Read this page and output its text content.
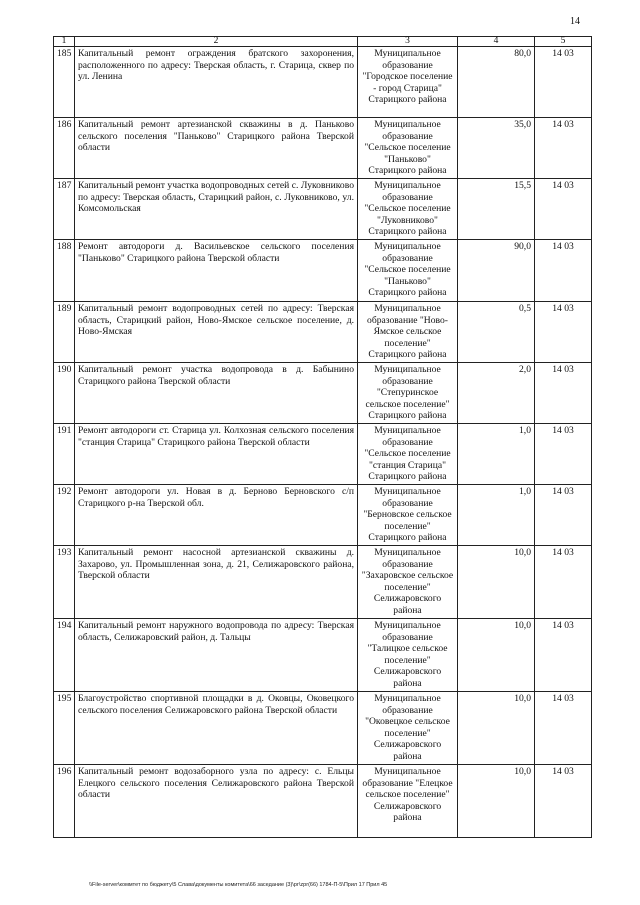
14
1	2	3	4	5
185	Капитальный ремонт ограждения братского захоронения, расположенного по адресу: Тверская область, г. Старица, сквер по ул. Ленина	Муниципальное образование "Городское поселение - город Старица" Старицкого района	80,0	14 03
186	Капитальный ремонт артезианской скважины в д. Паньково сельского поселения "Паньково" Старицкого района Тверской области	Муниципальное образование "Сельское поселение "Паньково" Старицкого района	35,0	14 03
187	Капитальный ремонт участка водопроводных сетей с. Луковниково по адресу: Тверская область, Старицкий район, с. Луковниково, ул. Комсомольская	Муниципальное образование "Сельское поселение "Луковниково" Старицкого района	15,5	14 03
188	Ремонт автодороги д. Васильевское сельского поселения "Паньково" Старицкого района Тверской области	Муниципальное образование "Сельское поселение "Паньково" Старицкого района	90,0	14 03
189	Капитальный ремонт водопроводных сетей по адресу: Тверская область, Старицкий район, Ново-Ямское сельское поселение, д. Ново-Ямская	Муниципальное образование "Ново-Ямское сельское поселение" Старицкого района	0,5	14 03
190	Капитальный ремонт участка водопровода в д. Бабынино Старицкого района Тверской области	Муниципальное образование "Степуринское сельское поселение" Старицкого района	2,0	14 03
191	Ремонт автодороги ст. Старица ул. Колхозная сельского поселения "станция Старица" Старицкого района Тверской области	Муниципальное образование "Сельское поселение "станция Старица" Старицкого района	1,0	14 03
192	Ремонт автодороги ул. Новая в д. Берново Берновского с/п Старицкого р-на Тверской обл.	Муниципальное образование "Берновское сельское поселение" Старицкого района	1,0	14 03
193	Капитальный ремонт насосной артезианской скважины д. Захарово, ул. Промышленная зона, д. 21, Селижаровского района, Тверской области	Муниципальное образование "Захаровское сельское поселение" Селижаровского района	10,0	14 03
194	Капитальный ремонт наружного водопровода по адресу: Тверская область, Селижаровский район, д. Тальцы	Муниципальное образование "Талицкое сельское поселение" Селижаровского района	10,0	14 03
195	Благоустройство спортивной площадки в д. Оковцы, Оковецкого сельского поселения Селижаровского района Тверской области	Муниципальное образование "Оковецкое сельское поселение" Селижаровского района	10,0	14 03
196	Капитальный ремонт водозаборного узла по адресу: с. Ельцы Елецкого сельского поселения Селижаровского района Тверской области	Муниципальное образование "Елецкое сельское поселение" Селижаровского района	10,0	14 03
\\File-server\коммтет по бюджету\5 Слава\документы комитета\66 заседание (3)\рг\zpr(66) 1784-П-5\Прил 17 Прил 45
